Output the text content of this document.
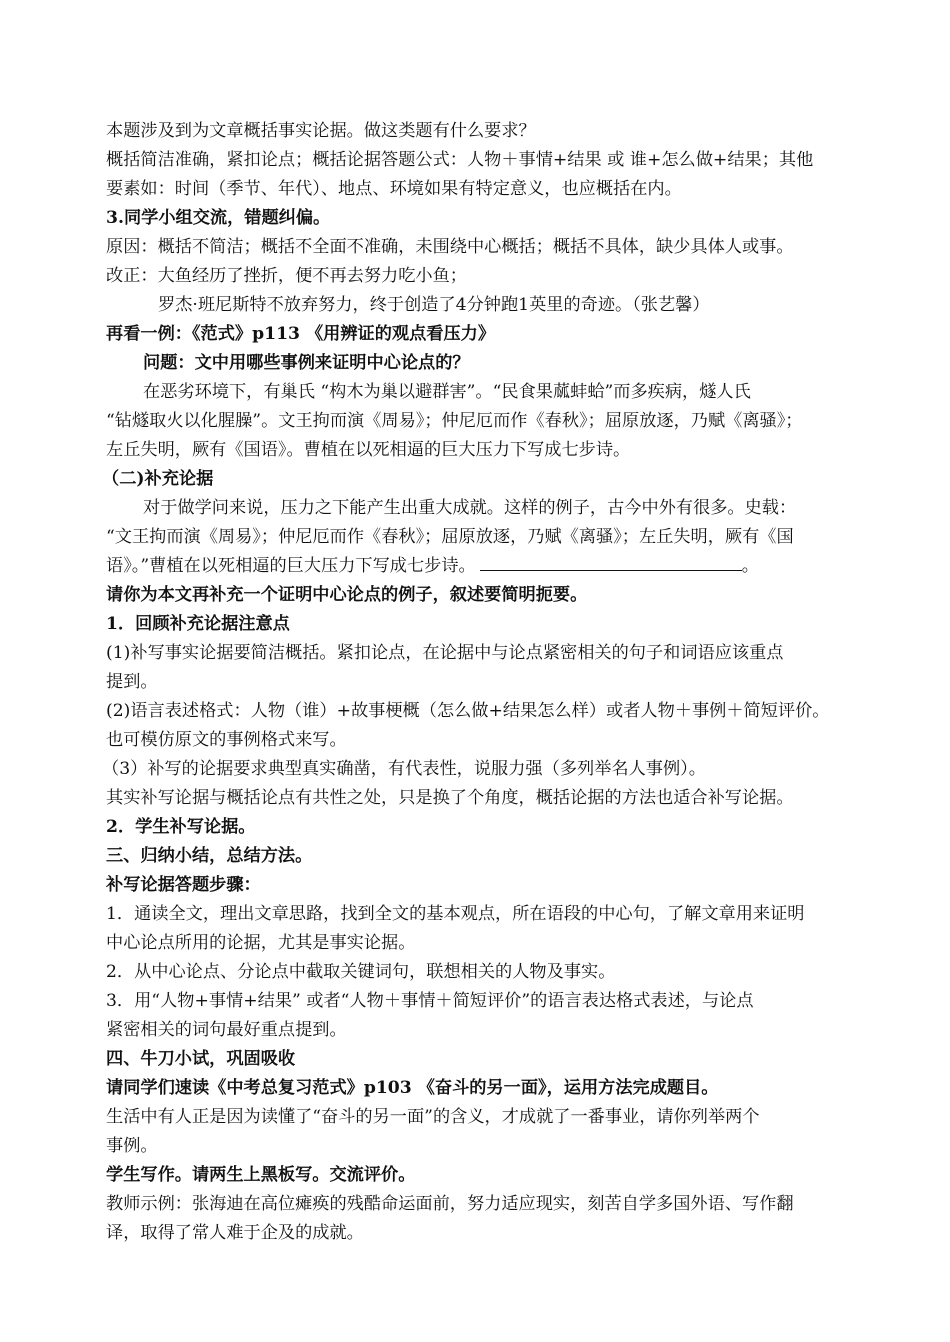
本题涉及到为文章概括事实论据。做这类题有什么要求？
概括简洁准确，紧扣论点；概括论据答题公式：人物＋事情+结果 或 谁+怎么做+结果；其他
要素如：时间（季节、年代）、地点、环境如果有特定意义，也应概括在内。
3.同学小组交流，错题纠偏。
原因：概括不简洁；概括不全面不准确，未围绕中心概括；概括不具体，缺少具体人或事。
改正：大鱼经历了挫折，便不再去努力吃小鱼；
罗杰·班尼斯特不放弃努力，终于创造了4分钟跑1英里的奇迹。（张艺馨）
再看一例：《范式》p113 《用辨证的观点看压力》
问题：文中用哪些事例来证明中心论点的？
在恶劣环境下，有巢氏 “构木为巢以避群害”。“民食果蓏蚌蛤”而多疾病，燧人氏
“钻燧取火以化腥臊”。文王拘而演《周易》；仲尼厄而作《春秋》；屈原放逐，乃赋《离骚》；
左丘失明，厥有《国语》。曹植在以死相逼的巨大压力下写成七步诗。
（二)补充论据
对于做学问来说，压力之下能产生出重大成就。这样的例子，古今中外有很多。史载：
“文王拘而演《周易》；仲尼厄而作《春秋》；屈原放逐，乃赋《离骚》；左丘失明，厥有《国
语》。”曹植在以死相逼的巨大压力下写成七步诗。	。
请你为本文再补充一个证明中心论点的例子，叙述要简明扼要。
1．回顾补充论据注意点
(1)补写事实论据要简洁概括。紧扣论点，在论据中与论点紧密相关的句子和词语应该重点
提到。
(2)语言表述格式：人物（谁）+故事梗概（怎么做+结果怎么样）或者人物＋事例＋简短评价。
也可模仿原文的事例格式来写。
（3）补写的论据要求典型真实确凿，有代表性，说服力强（多列举名人事例）。
其实补写论据与概括论点有共性之处，只是换了个角度，概括论据的方法也适合补写论据。
2．学生补写论据。
三、归纳小结，总结方法。
补写论据答题步骤：
1．通读全文，理出文章思路，找到全文的基本观点，所在语段的中心句，了解文章用来证明
中心论点所用的论据，尤其是事实论据。
2．从中心论点、分论点中截取关键词句，联想相关的人物及事实。
3．用“人物+事情+结果” 或者“人物＋事情＋简短评价”的语言表达格式表述，与论点
紧密相关的词句最好重点提到。
四、牛刀小试，巩固吸收
请同学们速读《中考总复习范式》p103 《奋斗的另一面》，运用方法完成题目。
生活中有人正是因为读懂了“奋斗的另一面”的含义，才成就了一番事业，请你列举两个
事例。
学生写作。请两生上黑板写。交流评价。
教师示例：张海迪在高位瘫痪的残酷命运面前，努力适应现实，刻苦自学多国外语、写作翻
译，取得了常人难于企及的成就。
